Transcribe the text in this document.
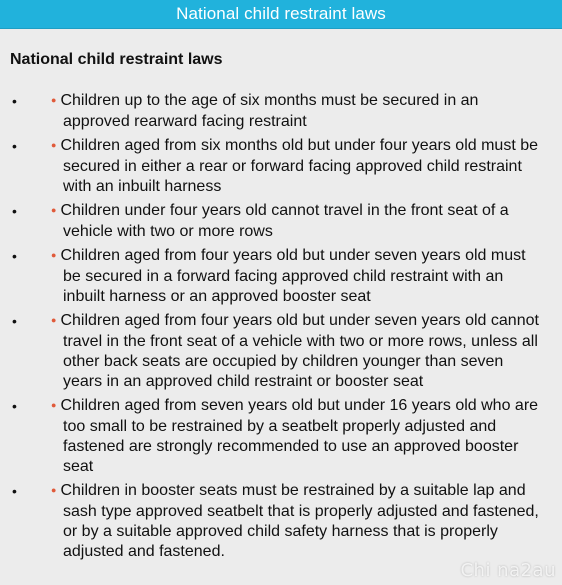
National child restraint laws
National child restraint laws
•	● Children up to the age of six months must be secured in an approved rearward facing restraint
•	● Children aged from six months old but under four years old must be secured in either a rear or forward facing approved child restraint with an inbuilt harness
•	● Children under four years old cannot travel in the front seat of a vehicle with two or more rows
•	● Children aged from four years old but under seven years old must be secured in a forward facing approved child restraint with an inbuilt harness or an approved booster seat
•	● Children aged from four years old but under seven years old cannot travel in the front seat of a vehicle with two or more rows, unless all other back seats are occupied by children younger than seven years in an approved child restraint or booster seat
•	● Children aged from seven years old but under 16 years old who are too small to be restrained by a seatbelt properly adjusted and fastened are strongly recommended to use an approved booster seat
•	● Children in booster seats must be restrained by a suitable lap and sash type approved seatbelt that is properly adjusted and fastened, or by a suitable approved child safety harness that is properly adjusted and fastened.
Chi na2au
